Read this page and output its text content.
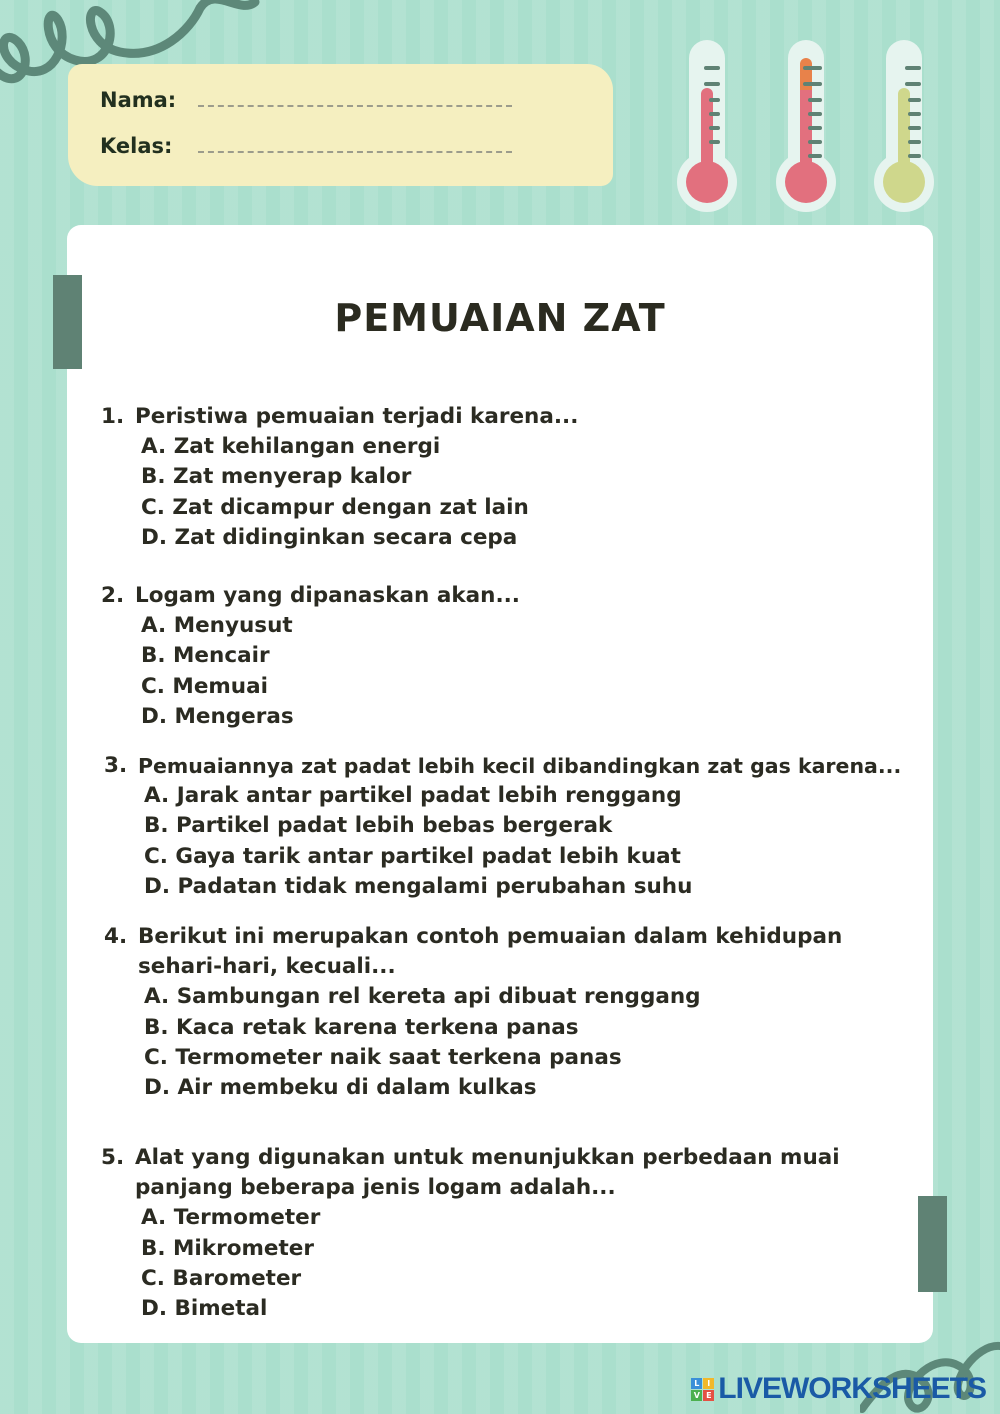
Nama:
Kelas:
PEMUAIAN ZAT
1. Peristiwa pemuaian terjadi karena...
A. Zat kehilangan energi
B. Zat menyerap kalor
C. Zat dicampur dengan zat lain
D. Zat didinginkan secara cepa
2. Logam yang dipanaskan akan...
A. Menyusut
B. Mencair
C. Memuai
D. Mengeras
3. Pemuaiannya zat padat lebih kecil dibandingkan zat gas karena...
A. Jarak antar partikel padat lebih renggang
B. Partikel padat lebih bebas bergerak
C. Gaya tarik antar partikel padat lebih kuat
D. Padatan tidak mengalami perubahan suhu
4. Berikut ini merupakan contoh pemuaian dalam kehidupan sehari-hari, kecuali...
A. Sambungan rel kereta api dibuat renggang
B. Kaca retak karena terkena panas
C. Termometer naik saat terkena panas
D. Air membeku di dalam kulkas
5. Alat yang digunakan untuk menunjukkan perbedaan muai panjang beberapa jenis logam adalah...
A. Termometer
B. Mikrometer
C. Barometer
D. Bimetal
L I
V E LIVEWORKSHEETS
